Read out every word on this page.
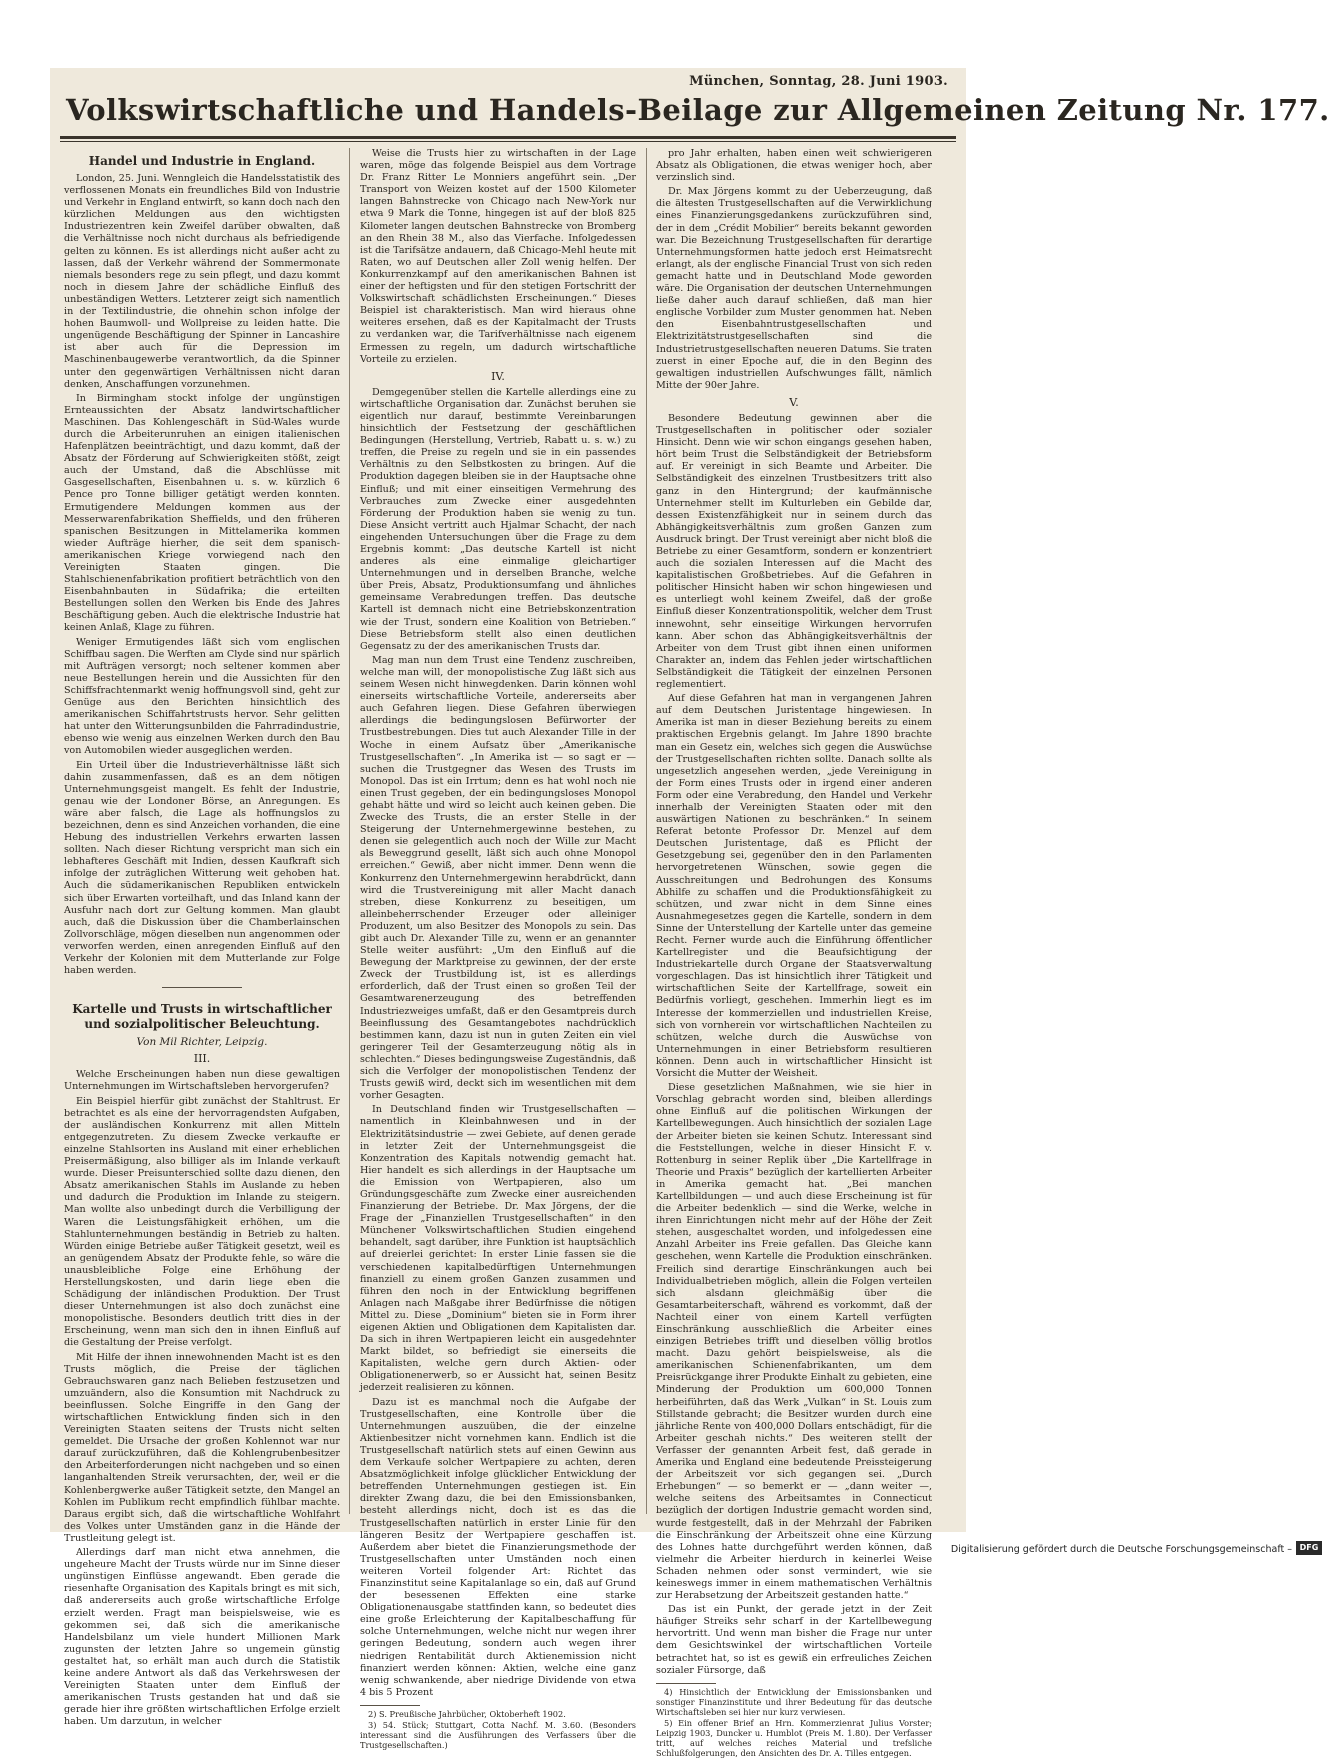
München, Sonntag, 28. Juni 1903.
Volkswirtschaftliche und Handels-Beilage zur Allgemeinen Zeitung Nr. 177.
Handel und Industrie in England.

London, 25. Juni. Wenngleich die Handelsstatistik des verflossenen Monats ein freundliches Bild von Industrie und Verkehr in England entwirft, so kann doch nach den kürzlichen Meldungen aus den wichtigsten Industriezentren kein Zweifel darüber obwalten, daß die Verhältnisse noch nicht durchaus als befriedigende gelten zu können. Es ist allerdings nicht außer acht zu lassen, daß der Verkehr während der Sommermonate niemals besonders rege zu sein pflegt, und dazu kommt noch in diesem Jahre der schädliche Einfluß des unbeständigen Wetters. Letzterer zeigt sich namentlich in der Textilindustrie, die ohnehin schon infolge der hohen Baumwoll- und Wollpreise zu leiden hatte. Die ungenügende Beschäftigung der Spinner in Lancashire ist aber auch für die Depression im Maschinenbaugewerbe verantwortlich, da die Spinner unter den gegenwärtigen Verhältnissen nicht daran denken, Anschaffungen vorzunehmen.

In Birmingham stockt infolge der ungünstigen Ernteaussichten der Absatz landwirtschaftlicher Maschinen. Das Kohlengeschäft in Süd-Wales wurde durch die Arbeiterunruhen an einigen italienischen Hafenplätzen beeinträchtigt, und dazu kommt, daß der Absatz der Förderung auf Schwierigkeiten stößt, zeigt auch der Umstand, daß die Abschlüsse mit Gasgesellschaften, Eisenbahnen u. s. w. kürzlich 6 Pence pro Tonne billiger getätigt werden konnten. Ermutigendere Meldungen kommen aus der Messerwarenfabrikation Sheffields, und den früheren spanischen Besitzungen in Mittelamerika kommen wieder Aufträge hierher, die seit dem spanisch-amerikanischen Kriege vorwiegend nach den Vereinigten Staaten gingen. Die Stahlschienenfabrikation profitiert beträchtlich von den Eisenbahnbauten in Südafrika; die erteilten Bestellungen sollen den Werken bis Ende des Jahres Beschäftigung geben. Auch die elektrische Industrie hat keinen Anlaß, Klage zu führen.

Weniger Ermutigendes läßt sich vom englischen Schiffbau sagen. Die Werften am Clyde sind nur spärlich mit Aufträgen versorgt; noch seltener kommen aber neue Bestellungen herein und die Aussichten für den Schiffsfrachtenmarkt wenig hoffnungsvoll sind, geht zur Genüge aus den Berichten hinsichtlich des amerikanischen Schiffahrtstrusts hervor. Sehr gelitten hat unter den Witterungsunbilden die Fahrradindustrie, ebenso wie wenig aus einzelnen Werken durch den Bau von Automobilen wieder ausgeglichen werden.

Ein Urteil über die Industrieverhältnisse läßt sich dahin zusammenfassen, daß es an dem nötigen Unternehmungsgeist mangelt. Es fehlt der Industrie, genau wie der Londoner Börse, an Anregungen. Es wäre aber falsch, die Lage als hoffnungslos zu bezeichnen, denn es sind Anzeichen vorhanden, die eine Hebung des industriellen Verkehrs erwarten lassen sollten. Nach dieser Richtung verspricht man sich ein lebhafteres Geschäft mit Indien, dessen Kaufkraft sich infolge der zuträglichen Witterung weit gehoben hat. Auch die südamerikanischen Republiken entwickeln sich über Erwarten vorteilhaft, und das Inland kann der Ausfuhr nach dort zur Geltung kommen. Man glaubt auch, daß die Diskussion über die Chamberlainschen Zollvorschläge, mögen dieselben nun angenommen oder verworfen werden, einen anregenden Einfluß auf den Verkehr der Kolonien mit dem Mutterlande zur Folge haben werden.

Kartelle und Trusts in wirtschaftlicher und sozialpolitischer Beleuchtung.
Von Mil Richter, Leipzig.
III.

Welche Erscheinungen haben nun diese gewaltigen Unternehmungen im Wirtschaftsleben hervorgerufen?

Ein Beispiel hierfür gibt zunächst der Stahltrust. Er betrachtet es als eine der hervorragendsten Aufgaben, der ausländischen Konkurrenz mit allen Mitteln entgegenzutreten. Zu diesem Zwecke verkaufte er einzelne Stahlsorten ins Ausland mit einer erheblichen Preisermäßigung, also billiger als im Inlande verkauft wurde. Dieser Preisunterschied sollte dazu dienen, den Absatz amerikanischen Stahls im Auslande zu heben und dadurch die Produktion im Inlande zu steigern. Man wollte also unbedingt durch die Verbilligung der Waren die Leistungsfähigkeit erhöhen, um die Stahlunternehmungen beständig in Betrieb zu halten. Würden einige Betriebe außer Tätigkeit gesetzt, weil es an genügendem Absatz der Produkte fehle, so wäre die unausbleibliche Folge eine Erhöhung der Herstellungskosten, und darin liege eben die Schädigung der inländischen Produktion. Der Trust dieser Unternehmungen ist also doch zunächst eine monopolistische. Besonders deutlich tritt dies in der Erscheinung, wenn man sich den in ihnen Einfluß auf die Gestaltung der Preise verfolgt.

Mit Hilfe der ihnen innewohnenden Macht ist es den Trusts möglich, die Preise der täglichen Gebrauchswaren ganz nach Belieben festzusetzen und umzuändern, also die Konsumtion mit Nachdruck zu beeinflussen. Solche Eingriffe in den Gang der wirtschaftlichen Entwicklung finden sich in den Vereinigten Staaten seitens der Trusts nicht selten gemeldet. Die Ursache der großen Kohlennot war nur darauf zurückzuführen, daß die Kohlengrubenbesitzer den Arbeiterforderungen nicht nachgeben und so einen langanhaltenden Streik verursachten, der, weil er die Kohlenbergwerke außer Tätigkeit setzte, den Mangel an Kohlen im Publikum recht empfindlich fühlbar machte. Daraus ergibt sich, daß die wirtschaftliche Wohlfahrt des Volkes unter Umständen ganz in die Hände der Trustleitung gelegt ist.

Allerdings darf man nicht etwa annehmen, die ungeheure Macht der Trusts würde nur im Sinne dieser ungünstigen Einflüsse angewandt. Eben gerade die riesenhafte Organisation des Kapitals bringt es mit sich, daß andererseits auch große wirtschaftliche Erfolge erzielt werden. Fragt man beispielsweise, wie es gekommen sei, daß sich die amerikanische Handelsbilanz um viele hundert Millionen Mark zugunsten der letzten Jahre so ungemein günstig gestaltet hat, so erhält man auch durch die Statistik keine andere Antwort als daß das Verkehrswesen der Vereinigten Staaten unter dem Einfluß der amerikanischen Trusts gestanden hat und daß sie gerade hier ihre größten wirtschaftlichen Erfolge erzielt haben. Um darzutun, in welcher

Weise die Trusts hier zu wirtschaften in der Lage waren, möge das folgende Beispiel aus dem Vortrage Dr. Franz Ritter Le Monniers angeführt sein. „Der Transport von Weizen kostet auf der 1500 Kilometer langen Bahnstrecke von Chicago nach New-York nur etwa 9 Mark die Tonne, hingegen ist auf der bloß 825 Kilometer langen deutschen Bahnstrecke von Bromberg an den Rhein 38 M., also das Vierfache. Infolgedessen ist die Tarifsätze andauern, daß Chicago-Mehl heute mit Raten, wo auf Deutschen aller Zoll wenig helfen. Der Konkurrenzkampf auf den amerikanischen Bahnen ist einer der heftigsten und für den stetigen Fortschritt der Volkswirtschaft schädlichsten Erscheinungen.“ Dieses Beispiel ist charakteristisch. Man wird hieraus ohne weiteres ersehen, daß es der Kapitalmacht der Trusts zu verdanken war, die Tarifverhältnisse nach eigenem Ermessen zu regeln, um dadurch wirtschaftliche Vorteile zu erzielen.

IV.

Demgegenüber stellen die Kartelle allerdings eine zu wirtschaftliche Organisation dar. Zunächst beruhen sie eigentlich nur darauf, bestimmte Vereinbarungen hinsichtlich der Festsetzung der geschäftlichen Bedingungen (Herstellung, Vertrieb, Rabatt u. s. w.) zu treffen, die Preise zu regeln und sie in ein passendes Verhältnis zu den Selbstkosten zu bringen. Auf die Produktion dagegen bleiben sie in der Hauptsache ohne Einfluß; und mit einer einseitigen Vermehrung des Verbrauches zum Zwecke einer ausgedehnten Förderung der Produktion haben sie wenig zu tun. Diese Ansicht vertritt auch Hjalmar Schacht, der nach eingehenden Untersuchungen über die Frage zu dem Ergebnis kommt: „Das deutsche Kartell ist nicht anderes als eine einmalige gleichartiger Unternehmungen und in derselben Branche, welche über Preis, Absatz, Produktionsumfang und ähnliches gemeinsame Verabredungen treffen. Das deutsche Kartell ist demnach nicht eine Betriebskonzentration wie der Trust, sondern eine Koalition von Betrieben.“ Diese Betriebsform stellt also einen deutlichen Gegensatz zu der des amerikanischen Trusts dar.

Mag man nun dem Trust eine Tendenz zuschreiben, welche man will, der monopolistische Zug läßt sich aus seinem Wesen nicht hinwegdenken. Darin können wohl einerseits wirtschaftliche Vorteile, andererseits aber auch Gefahren liegen. Diese Gefahren überwiegen allerdings die bedingungslosen Befürworter der Trustbestrebungen. Dies tut auch Alexander Tille in der Woche in einem Aufsatz über „Amerikanische Trustgesellschaften“. „In Amerika ist — so sagt er — suchen die Trustgegner das Wesen des Trusts im Monopol. Das ist ein Irrtum; denn es hat wohl noch nie einen Trust gegeben, der ein bedingungsloses Monopol gehabt hätte und wird so leicht auch keinen geben. Die Zwecke des Trusts, die an erster Stelle in der Steigerung der Unternehmergewinne bestehen, zu denen sie gelegentlich auch noch der Wille zur Macht als Beweggrund gesellt, läßt sich auch ohne Monopol erreichen.“ Gewiß, aber nicht immer. Denn wenn die Konkurrenz den Unternehmergewinn herabdrückt, dann wird die Trustvereinigung mit aller Macht danach streben, diese Konkurrenz zu beseitigen, um alleinbeherrschender Erzeuger oder alleiniger Produzent, um also Besitzer des Monopols zu sein. Das gibt auch Dr. Alexander Tille zu, wenn er an genannter Stelle weiter ausführt: „Um den Einfluß auf die Bewegung der Marktpreise zu gewinnen, der der erste Zweck der Trustbildung ist, ist es allerdings erforderlich, daß der Trust einen so großen Teil der Gesamtwarenerzeugung des betreffenden Industriezweiges umfaßt, daß er den Gesamtpreis durch Beeinflussung des Gesamtangebotes nachdrücklich bestimmen kann, dazu ist nun in guten Zeiten ein viel geringerer Teil der Gesamterzeugung nötig als in schlechten.“ Dieses bedingungsweise Zugeständnis, daß sich die Verfolger der monopolistischen Tendenz der Trusts gewiß wird, deckt sich im wesentlichen mit dem vorher Gesagten.

In Deutschland finden wir Trustgesellschaften — namentlich in Kleinbahnwesen und in der Elektrizitätsindustrie — zwei Gebiete, auf denen gerade in letzter Zeit der Unternehmungsgeist die Konzentration des Kapitals notwendig gemacht hat. Hier handelt es sich allerdings in der Hauptsache um die Emission von Wertpapieren, also um Gründungsgeschäfte zum Zwecke einer ausreichenden Finanzierung der Betriebe. Dr. Max Jörgens, der die Frage der „Finanziellen Trustgesellschaften“ in den Münchener Volkswirtschaftlichen Studien eingehend behandelt, sagt darüber, ihre Funktion ist hauptsächlich auf dreierlei gerichtet: In erster Linie fassen sie die verschiedenen kapitalbedürftigen Unternehmungen finanziell zu einem großen Ganzen zusammen und führen den noch in der Entwicklung begriffenen Anlagen nach Maßgabe ihrer Bedürfnisse die nötigen Mittel zu. Diese „Dominium“ bieten sie in Form ihrer eigenen Aktien und Obligationen dem Kapitalisten dar. Da sich in ihren Wertpapieren leicht ein ausgedehnter Markt bildet, so befriedigt sie einerseits die Kapitalisten, welche gern durch Aktien- oder Obligationenerwerb, so er Aussicht hat, seinen Besitz jederzeit realisieren zu können.

Dazu ist es manchmal noch die Aufgabe der Trustgesellschaften, eine Kontrolle über die Unternehmungen auszuüben, die der einzelne Aktienbesitzer nicht vornehmen kann. Endlich ist die Trustgesellschaft natürlich stets auf einen Gewinn aus dem Verkaufe solcher Wertpapiere zu achten, deren Absatzmöglichkeit infolge glücklicher Entwicklung der betreffenden Unternehmungen gestiegen ist. Ein direkter Zwang dazu, die bei den Emissionsbanken, besteht allerdings nicht, doch ist es das die Trustgesellschaften natürlich in erster Linie für den längeren Besitz der Wertpapiere geschaffen ist. Außerdem aber bietet die Finanzierungsmethode der Trustgesellschaften unter Umständen noch einen weiteren Vorteil folgender Art: Richtet das Finanzinstitut seine Kapitalanlage so ein, daß auf Grund der besessenen Effekten eine starke Obligationenausgabe stattfinden kann, so bedeutet dies eine große Erleichterung der Kapitalbeschaffung für solche Unternehmungen, welche nicht nur wegen ihrer geringen Bedeutung, sondern auch wegen ihrer niedrigen Rentabilität durch Aktienemission nicht finanziert werden können: Aktien, welche eine ganz wenig schwankende, aber niedrige Dividende von etwa 4 bis 5 Prozent

2) S. Preußische Jahrbücher, Oktoberheft 1902.

3) 54. Stück; Stuttgart, Cotta Nachf. M. 3.60. (Besonders interessant sind die Ausführungen des Verfassers über die Trustgesellschaften.)

pro Jahr erhalten, haben einen weit schwierigeren Absatz als Obligationen, die etwas weniger hoch, aber verzinslich sind.

Dr. Max Jörgens kommt zu der Ueberzeugung, daß die ältesten Trustgesellschaften auf die Verwirklichung eines Finanzierungsgedankens zurückzuführen sind, der in dem „Crédit Mobilier“ bereits bekannt geworden war. Die Bezeichnung Trustgesellschaften für derartige Unternehmungsformen hatte jedoch erst Heimatsrecht erlangt, als der englische Financial Trust von sich reden gemacht hatte und in Deutschland Mode geworden wäre. Die Organisation der deutschen Unternehmungen ließe daher auch darauf schließen, daß man hier englische Vorbilder zum Muster genommen hat. Neben den Eisenbahntrustgesellschaften und Elektrizitätstrustgesellschaften sind die Industrietrustgesellschaften neueren Datums. Sie traten zuerst in einer Epoche auf, die in den Beginn des gewaltigen industriellen Aufschwunges fällt, nämlich Mitte der 90er Jahre.

V.

Besondere Bedeutung gewinnen aber die Trustgesellschaften in politischer oder sozialer Hinsicht. Denn wie wir schon eingangs gesehen haben, hört beim Trust die Selbständigkeit der Betriebsform auf. Er vereinigt in sich Beamte und Arbeiter. Die Selbständigkeit des einzelnen Trustbesitzers tritt also ganz in den Hintergrund; der kaufmännische Unternehmer stellt im Kulturleben ein Gebilde dar, dessen Existenzfähigkeit nur in seinem durch das Abhängigkeitsverhältnis zum großen Ganzen zum Ausdruck bringt. Der Trust vereinigt aber nicht bloß die Betriebe zu einer Gesamtform, sondern er konzentriert auch die sozialen Interessen auf die Macht des kapitalistischen Großbetriebes. Auf die Gefahren in politischer Hinsicht haben wir schon hingewiesen und es unterliegt wohl keinem Zweifel, daß der große Einfluß dieser Konzentrationspolitik, welcher dem Trust innewohnt, sehr einseitige Wirkungen hervorrufen kann. Aber schon das Abhängigkeitsverhältnis der Arbeiter von dem Trust gibt ihnen einen uniformen Charakter an, indem das Fehlen jeder wirtschaftlichen Selbständigkeit die Tätigkeit der einzelnen Personen reglementiert.

Auf diese Gefahren hat man in vergangenen Jahren auf dem Deutschen Juristentage hingewiesen. In Amerika ist man in dieser Beziehung bereits zu einem praktischen Ergebnis gelangt. Im Jahre 1890 brachte man ein Gesetz ein, welches sich gegen die Auswüchse der Trustgesellschaften richten sollte. Danach sollte als ungesetzlich angesehen werden, „jede Vereinigung in der Form eines Trusts oder in irgend einer anderen Form oder eine Verabredung, den Handel und Verkehr innerhalb der Vereinigten Staaten oder mit den auswärtigen Nationen zu beschränken.“ In seinem Referat betonte Professor Dr. Menzel auf dem Deutschen Juristentage, daß es Pflicht der Gesetzgebung sei, gegenüber den in den Parlamenten hervorgetretenen Wünschen, sowie gegen die Ausschreitungen und Bedrohungen des Konsums Abhilfe zu schaffen und die Produktionsfähigkeit zu schützen, und zwar nicht in dem Sinne eines Ausnahmegesetzes gegen die Kartelle, sondern in dem Sinne der Unterstellung der Kartelle unter das gemeine Recht. Ferner wurde auch die Einführung öffentlicher Kartellregister und die Beaufsichtigung der Industriekartelle durch Organe der Staatsverwaltung vorgeschlagen. Das ist hinsichtlich ihrer Tätigkeit und wirtschaftlichen Seite der Kartellfrage, soweit ein Bedürfnis vorliegt, geschehen. Immerhin liegt es im Interesse der kommerziellen und industriellen Kreise, sich von vornherein vor wirtschaftlichen Nachteilen zu schützen, welche durch die Auswüchse von Unternehmungen in einer Betriebsform resultieren können. Denn auch in wirtschaftlicher Hinsicht ist Vorsicht die Mutter der Weisheit.

Diese gesetzlichen Maßnahmen, wie sie hier in Vorschlag gebracht worden sind, bleiben allerdings ohne Einfluß auf die politischen Wirkungen der Kartellbewegungen. Auch hinsichtlich der sozialen Lage der Arbeiter bieten sie keinen Schutz. Interessant sind die Feststellungen, welche in dieser Hinsicht F. v. Rottenburg in seiner Replik über „Die Kartellfrage in Theorie und Praxis“ bezüglich der kartellierten Arbeiter in Amerika gemacht hat. „Bei manchen Kartellbildungen — und auch diese Erscheinung ist für die Arbeiter bedenklich — sind die Werke, welche in ihren Einrichtungen nicht mehr auf der Höhe der Zeit stehen, ausgeschaltet worden, und infolgedessen eine Anzahl Arbeiter ins Freie gefallen. Das Gleiche kann geschehen, wenn Kartelle die Produktion einschränken. Freilich sind derartige Einschränkungen auch bei Individualbetrieben möglich, allein die Folgen verteilen sich alsdann gleichmäßig über die Gesamtarbeiterschaft, während es vorkommt, daß der Nachteil einer von einem Kartell verfügten Einschränkung ausschließlich die Arbeiter eines einzigen Betriebes trifft und dieselben völlig brotlos macht. Dazu gehört beispielsweise, als die amerikanischen Schienenfabrikanten, um dem Preisrückgange ihrer Produkte Einhalt zu gebieten, eine Minderung der Produktion um 600,000 Tonnen herbeiführten, daß das Werk „Vulkan“ in St. Louis zum Stillstande gebracht; die Besitzer wurden durch eine jährliche Rente von 400,000 Dollars entschädigt, für die Arbeiter geschah nichts.“ Des weiteren stellt der Verfasser der genannten Arbeit fest, daß gerade in Amerika und England eine bedeutende Preissteigerung der Arbeitszeit vor sich gegangen sei. „Durch Erhebungen“ — so bemerkt er — „dann weiter —, welche seitens des Arbeitsamtes in Connecticut bezüglich der dortigen Industrie gemacht worden sind, wurde festgestellt, daß in der Mehrzahl der Fabriken die Einschränkung der Arbeitszeit ohne eine Kürzung des Lohnes hatte durchgeführt werden können, daß vielmehr die Arbeiter hierdurch in keinerlei Weise Schaden nehmen oder sonst vermindert, wie sie keineswegs immer in einem mathematischen Verhältnis zur Herabsetzung der Arbeitszeit gestanden hatte.“

Das ist ein Punkt, der gerade jetzt in der Zeit häufiger Streiks sehr scharf in der Kartellbewegung hervortritt. Und wenn man bisher die Frage nur unter dem Gesichtswinkel der wirtschaftlichen Vorteile betrachtet hat, so ist es gewiß ein erfreuliches Zeichen sozialer Fürsorge, daß

4) Hinsichtlich der Entwicklung der Emissionsbanken und sonstiger Finanzinstitute und ihrer Bedeutung für das deutsche Wirtschaftsleben sei hier nur kurz verwiesen.

5) Ein offener Brief an Hrn. Kommerzienrat Julius Vorster; Leipzig 1903, Duncker u. Humblot (Preis M. 1.80). Der Verfasser tritt, auf welches reiches Material und trefsliche Schlußfolgerungen, den Ansichten des Dr. A. Tilles entgegen.

Digitalisierung gefördert durch die Deutsche Forschungsgemeinschaft – DFG
